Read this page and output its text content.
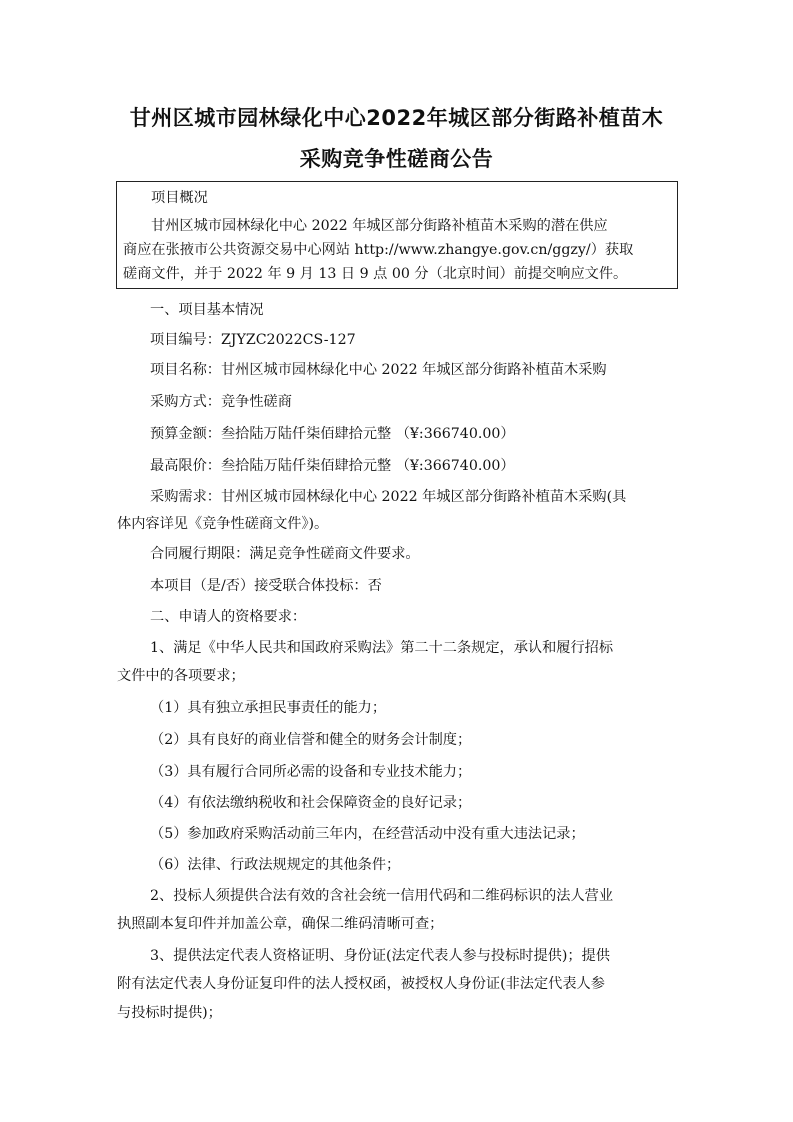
甘州区城市园林绿化中心2022年城区部分街路补植苗木
采购竞争性磋商公告
项目概况
甘州区城市园林绿化中心 2022 年城区部分街路补植苗木采购的潜在供应
商应在张掖市公共资源交易中心网站 http://www.zhangye.gov.cn/ggzy/）获取
磋商文件，并于 2022 年 9 月 13 日 9 点 00 分（北京时间）前提交响应文件。
一、项目基本情况
项目编号：ZJYZC2022CS-127
项目名称：甘州区城市园林绿化中心 2022 年城区部分街路补植苗木采购
采购方式：竞争性磋商
预算金额：叁拾陆万陆仟柒佰肆拾元整 （¥:366740.00）
最高限价：叁拾陆万陆仟柒佰肆拾元整 （¥:366740.00）
采购需求：甘州区城市园林绿化中心 2022 年城区部分街路补植苗木采购(具
体内容详见《竞争性磋商文件》)。
合同履行期限：满足竞争性磋商文件要求。
本项目（是/否）接受联合体投标：否
二、申请人的资格要求：
1、满足《中华人民共和国政府采购法》第二十二条规定，承认和履行招标
文件中的各项要求；
（1）具有独立承担民事责任的能力；
（2）具有良好的商业信誉和健全的财务会计制度；
（3）具有履行合同所必需的设备和专业技术能力；
（4）有依法缴纳税收和社会保障资金的良好记录；
（5）参加政府采购活动前三年内，在经营活动中没有重大违法记录；
（6）法律、行政法规规定的其他条件；
2、投标人须提供合法有效的含社会统一信用代码和二维码标识的法人营业
执照副本复印件并加盖公章，确保二维码清晰可查；
3、提供法定代表人资格证明、身份证(法定代表人参与投标时提供)；提供
附有法定代表人身份证复印件的法人授权函，被授权人身份证(非法定代表人参
与投标时提供)；
